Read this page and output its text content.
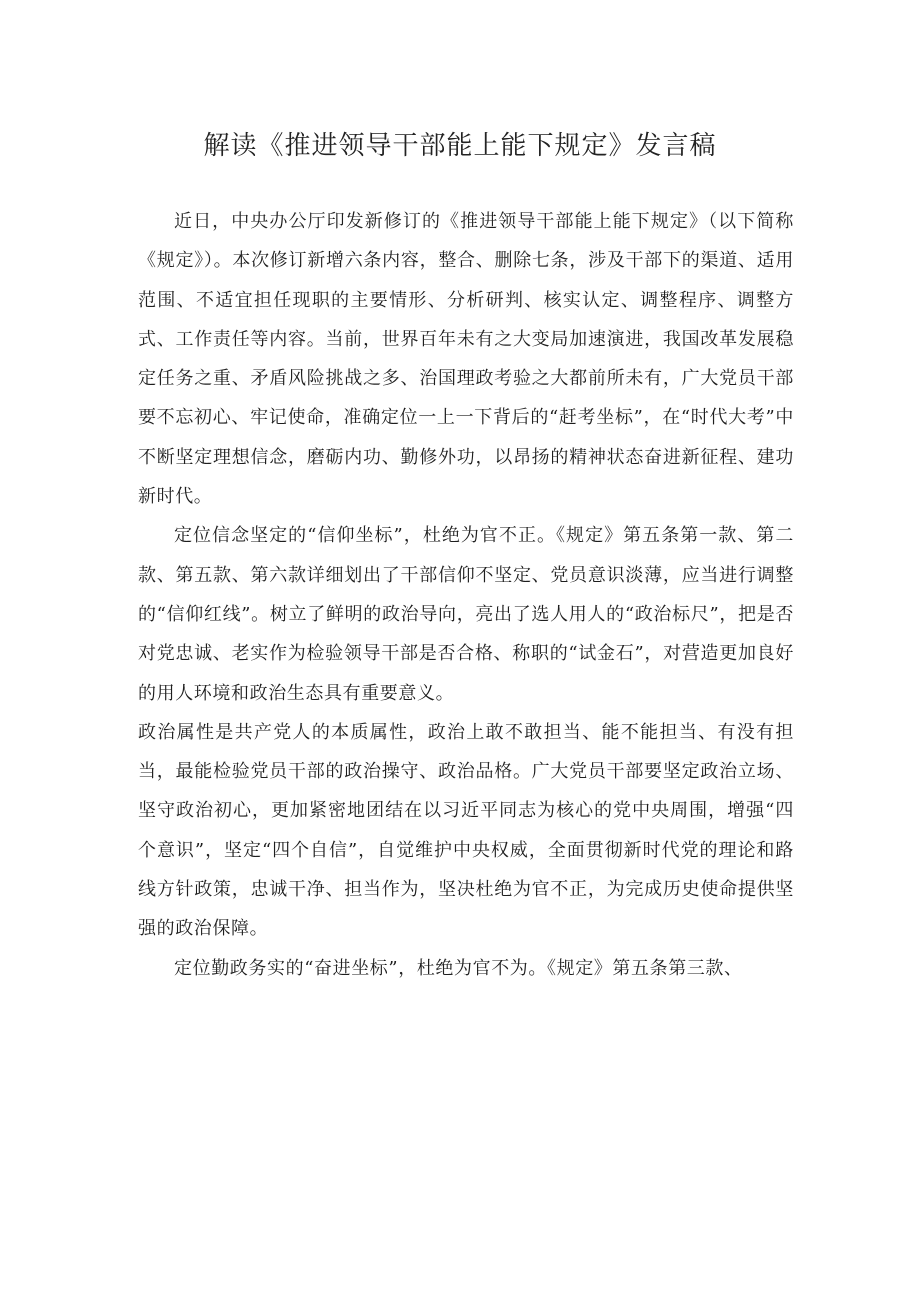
解读《推进领导干部能上能下规定》发言稿

近日，中央办公厅印发新修订的《推进领导干部能上能下规定》（以下简称《规定》）。本次修订新增六条内容，整合、删除七条，涉及干部下的渠道、适用范围、不适宜担任现职的主要情形、分析研判、核实认定、调整程序、调整方式、工作责任等内容。当前，世界百年未有之大变局加速演进，我国改革发展稳定任务之重、矛盾风险挑战之多、治国理政考验之大都前所未有，广大党员干部要不忘初心、牢记使命，准确定位一上一下背后的“赶考坐标”，在“时代大考”中不断坚定理想信念，磨砺内功、勤修外功，以昂扬的精神状态奋进新征程、建功新时代。

定位信念坚定的“信仰坐标”，杜绝为官不正。《规定》第五条第一款、第二款、第五款、第六款详细划出了干部信仰不坚定、党员意识淡薄，应当进行调整的“信仰红线”。树立了鲜明的政治导向，亮出了选人用人的“政治标尺”，把是否对党忠诚、老实作为检验领导干部是否合格、称职的“试金石”，对营造更加良好的用人环境和政治生态具有重要意义。

政治属性是共产党人的本质属性，政治上敢不敢担当、能不能担当、有没有担当，最能检验党员干部的政治操守、政治品格。广大党员干部要坚定政治立场、坚守政治初心，更加紧密地团结在以习近平同志为核心的党中央周围，增强“四个意识”，坚定“四个自信”，自觉维护中央权威，全面贯彻新时代党的理论和路线方针政策，忠诚干净、担当作为，坚决杜绝为官不正，为完成历史使命提供坚强的政治保障。

定位勤政务实的“奋进坐标”，杜绝为官不为。《规定》第五条第三款、
